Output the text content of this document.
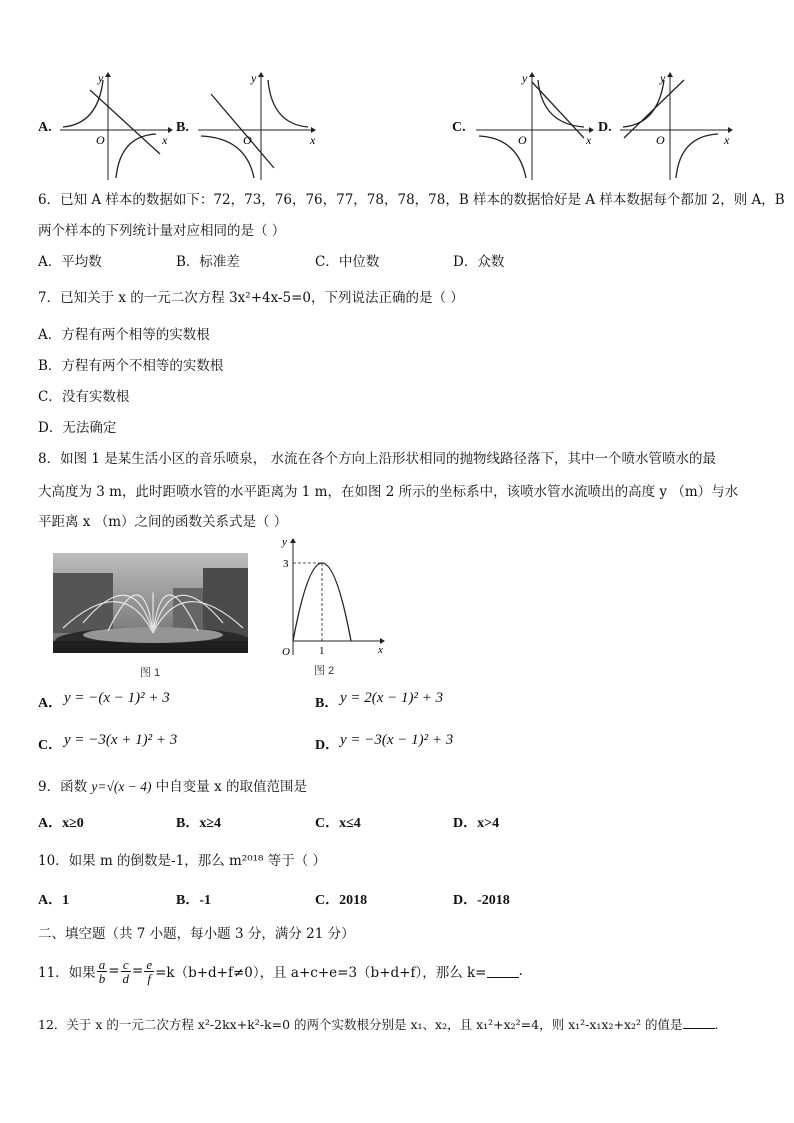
A.
y
x
O
B.
y
x
O
C.
y
x
O
D.
y
x
O
6．已知 A 样本的数据如下：72，73，76，76，77，78，78，78，B 样本的数据恰好是 A 样本数据每个都加 2，则 A，B
两个样本的下列统计量对应相同的是（ ）
A．平均数	B．标准差	C．中位数	D．众数
7．已知关于 x 的一元二次方程 3x²+4x-5=0，下列说法正确的是（ ）
A．方程有两个相等的实数根
B．方程有两个不相等的实数根
C．没有实数根
D．无法确定
8．如图 1 是某生活小区的音乐喷泉， 水流在各个方向上沿形状相同的抛物线路径落下，其中一个喷水管喷水的最
大高度为 3 m，此时距喷水管的水平距离为 1 m，在如图 2 所示的坐标系中，该喷水管水流喷出的高度 y （m）与水
平距离 x （m）之间的函数关系式是（ ）
图 1
y
x
O
3
1
图 2
A． y = −(x − 1)² + 3	B． y = 2(x − 1)² + 3
C． y = −3(x + 1)² + 3	D． y = −3(x − 1)² + 3
9．函数 y=√(x − 4) 中自变量 x 的取值范围是
A．x≥0	B．x≥4	C．x≤4	D．x>4
10．如果 m 的倒数是-1，那么 m²⁰¹⁸ 等于（ ）
A．1	B．-1	C．2018	D．-2018
二、填空题（共 7 小题，每小题 3 分，满分 21 分）
11．如果 $\frac{a}{b} = \frac{c}{d} = \frac{e}{f} =k(b+d+f\ne 0)$，且 a+c+e=3（b+d+f），那么 k= .
12．关于 x 的一元二次方程 x²-2kx+k²-k=0 的两个实数根分别是 x₁、x₂，且 x₁²+x₂²=4，则 x₁²-x₁x₂+x₂² 的值是	.
